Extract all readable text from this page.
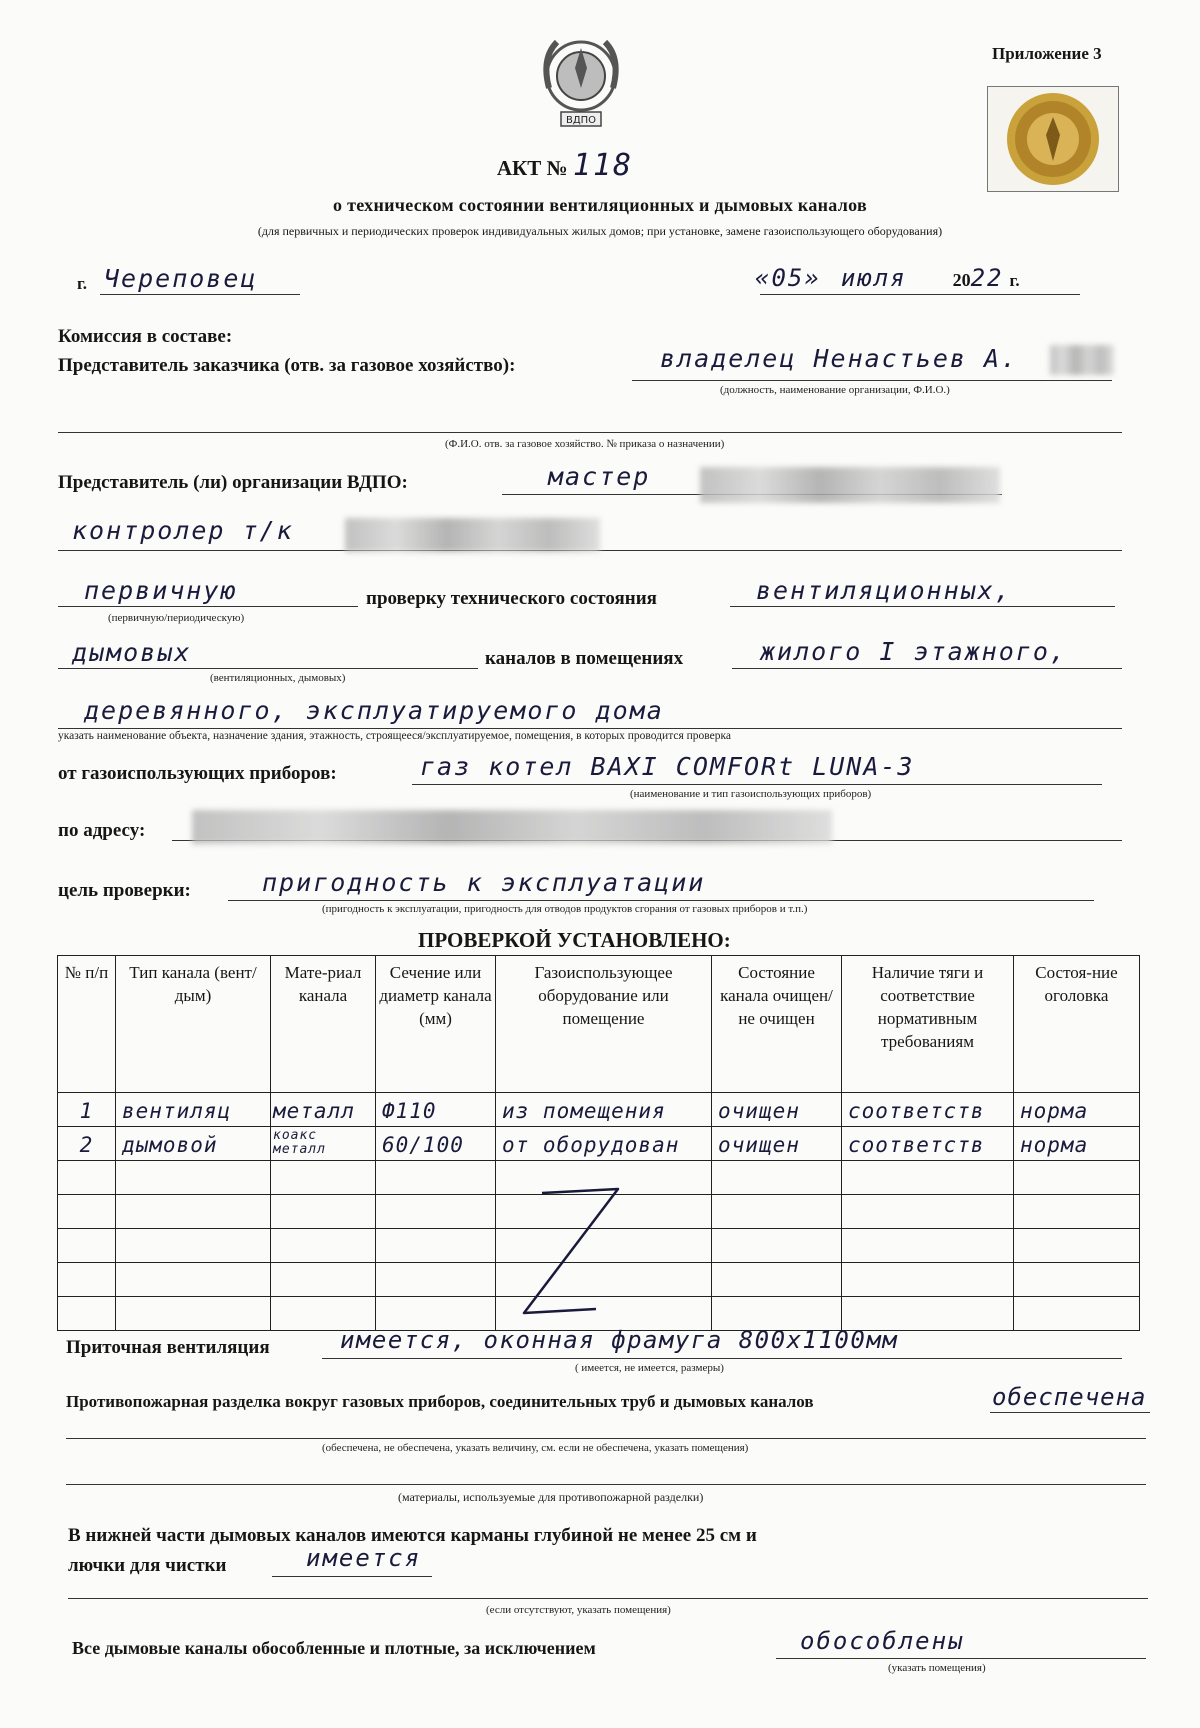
ВДПО
Приложение 3
АКТ № 118
о техническом состоянии вентиляционных и дымовых каналов
(для первичных и периодических проверок индивидуальных жилых домов; при установке, замене газоиспользующего оборудования)
г. Череповец	«05» июля	2022 г.
Комиссия в составе:
Представитель заказчика (отв. за газовое хозяйство):	владелец Ненастьев А.
(должность, наименование организации, Ф.И.О.)
(Ф.И.О. отв. за газовое хозяйство. № приказа о назначении)
Представитель (ли) организации ВДПО:	мастер
контролер т/к
первичную
(первичную/периодическую)
проверку технического состояния	вентиляционных,
дымовых
(вентиляционных, дымовых)
каналов в помещениях	жилого I этажного,
деревянного, эксплуатируемого дома
указать наименование объекта, назначение здания, этажность, строящееся/эксплуатируемое, помещения, в которых проводится проверка
от газоиспользующих приборов:	газ котел BAXI COMFORt LUNA-3
(наименование и тип газоиспользующих приборов)
по адресу:
цель проверки:	пригодность к эксплуатации
(пригодность к эксплуатации, пригодность для отводов продуктов сгорания от газовых приборов и т.п.)
ПРОВЕРКОЙ УСТАНОВЛЕНО:
№ п/п	Тип канала (вент/дым)	Мате-риал канала	Сечение или диаметр канала (мм)	Газоиспользующее оборудование или помещение	Состояние канала очищен/ не очищен	Наличие тяги и соответствие нормативным требованиям	Состоя-ние оголовка

1	вентиляц	металл	Ф110	из помещения	очищен	соответств	норма

2	дымовой	коакс металл	60/100	от оборудован	очищен	соответств	норма

Приточная вентиляция	имеется, оконная фрамуга 800х1100мм
( имеется, не имеется, размеры)
Противопожарная разделка вокруг газовых приборов, соединительных труб и дымовых каналов	обеспечена
(обеспечена, не обеспечена, указать величину, см. если не обеспечена, указать помещения)
(материалы, используемые для противопожарной разделки)
В нижней части дымовых каналов имеются карманы глубиной не менее 25 см и
лючки для чистки	имеется
(если отсутствуют, указать помещения)
Все дымовые каналы обособленные и плотные, за исключением	обособлены
(указать помещения)
